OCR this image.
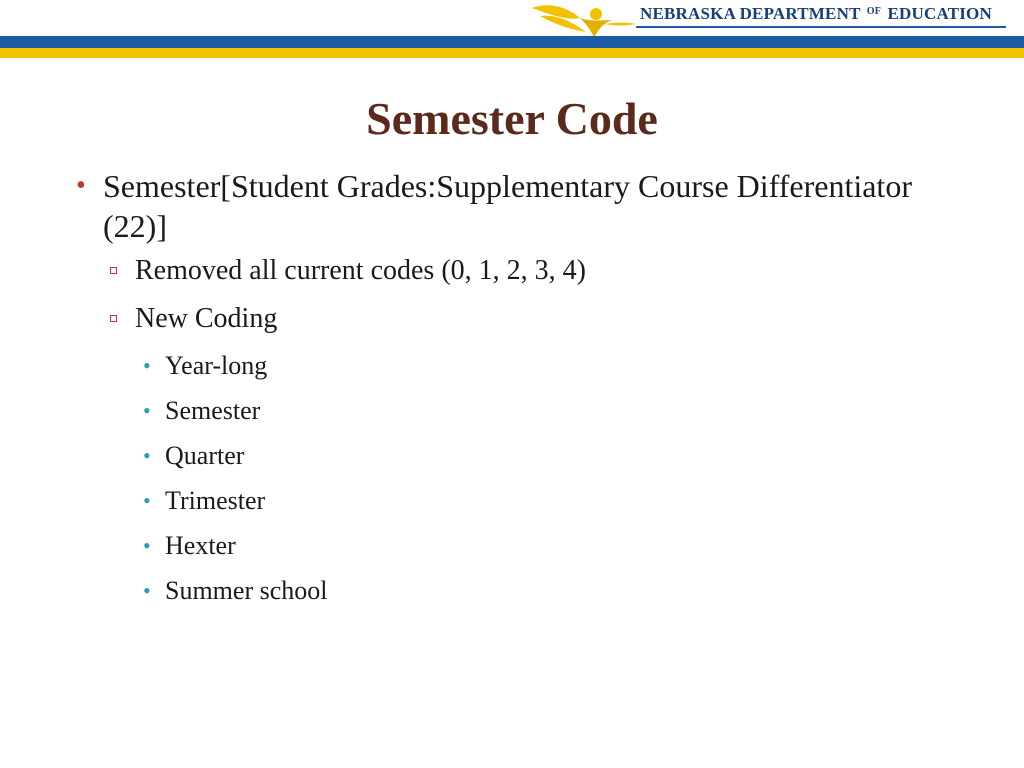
NEBRASKA DEPARTMENT $^{OF}$ EDUCATION
Semester Code
• Semester[Student Grades:Supplementary Course Differentiator (22)]
Removed all current codes (0, 1, 2, 3, 4)
New Coding
• Year-long
• Semester
• Quarter
• Trimester
• Hexter
• Summer school
